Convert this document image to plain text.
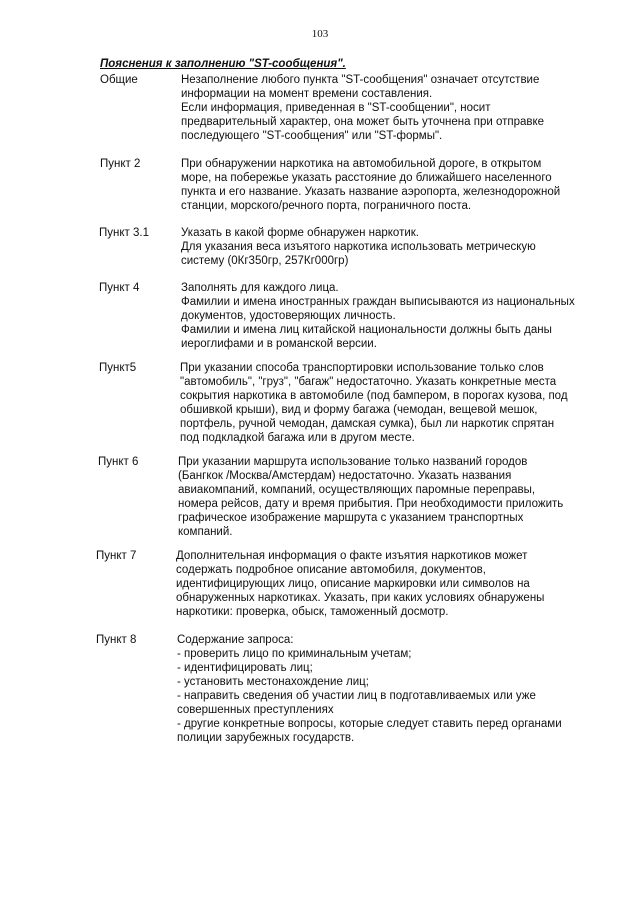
103
Пояснения к заполнению "ST-сообщения".
Общие	Незаполнение любого пункта "ST-сообщения" означает отсутствие
информации на момент времени составления.
Если информация, приведенная в "ST-сообщении", носит
предварительный характер, она может быть уточнена при отправке
последующего "ST-сообщения" или "ST-формы".
Пункт 2	При обнаружении наркотика на автомобильной дороге, в открытом
море, на побережье указать расстояние до ближайшего населенного
пункта и его название. Указать название аэропорта, железнодорожной
станции, морского/речного порта, пограничного поста.
Пункт 3.1	Указать в какой форме обнаружен наркотик.
Для указания веса изъятого наркотика использовать метрическую
систему (0Кг350гр, 257Кг000гр)
Пункт 4	Заполнять для каждого лица.
Фамилии и имена иностранных граждан выписываются из национальных
документов, удостоверяющих личность.
Фамилии и имена лиц китайской национальности должны быть даны
иероглифами и в романской версии.
Пункт5	При указании способа транспортировки использование только слов
"автомобиль", "груз", "багаж" недостаточно. Указать конкретные места
сокрытия наркотика в автомобиле (под бампером, в порогах кузова, под
обшивкой крыши), вид и форму багажа (чемодан, вещевой мешок,
портфель, ручной чемодан, дамская сумка), был ли наркотик спрятан
под подкладкой багажа или в другом месте.
Пункт 6	При указании маршрута использование только названий городов
(Бангкок /Москва/Амстердам) недостаточно. Указать названия
авиакомпаний, компаний, осуществляющих паромные переправы,
номера рейсов, дату и время прибытия. При необходимости приложить
графическое изображение маршрута с указанием транспортных
компаний.
Пункт 7	Дополнительная информация о факте изъятия наркотиков может
содержать подробное описание автомобиля, документов,
идентифицирующих лицо, описание маркировки или символов на
обнаруженных наркотиках. Указать, при каких условиях обнаружены
наркотики: проверка, обыск, таможенный досмотр.
Пункт 8	Содержание запроса:
- проверить лицо по криминальным учетам;
- идентифицировать лиц;
- установить местонахождение лиц;
- направить сведения об участии лиц в подготавливаемых или уже
совершенных преступлениях
- другие конкретные вопросы, которые следует ставить перед органами
полиции зарубежных государств.
